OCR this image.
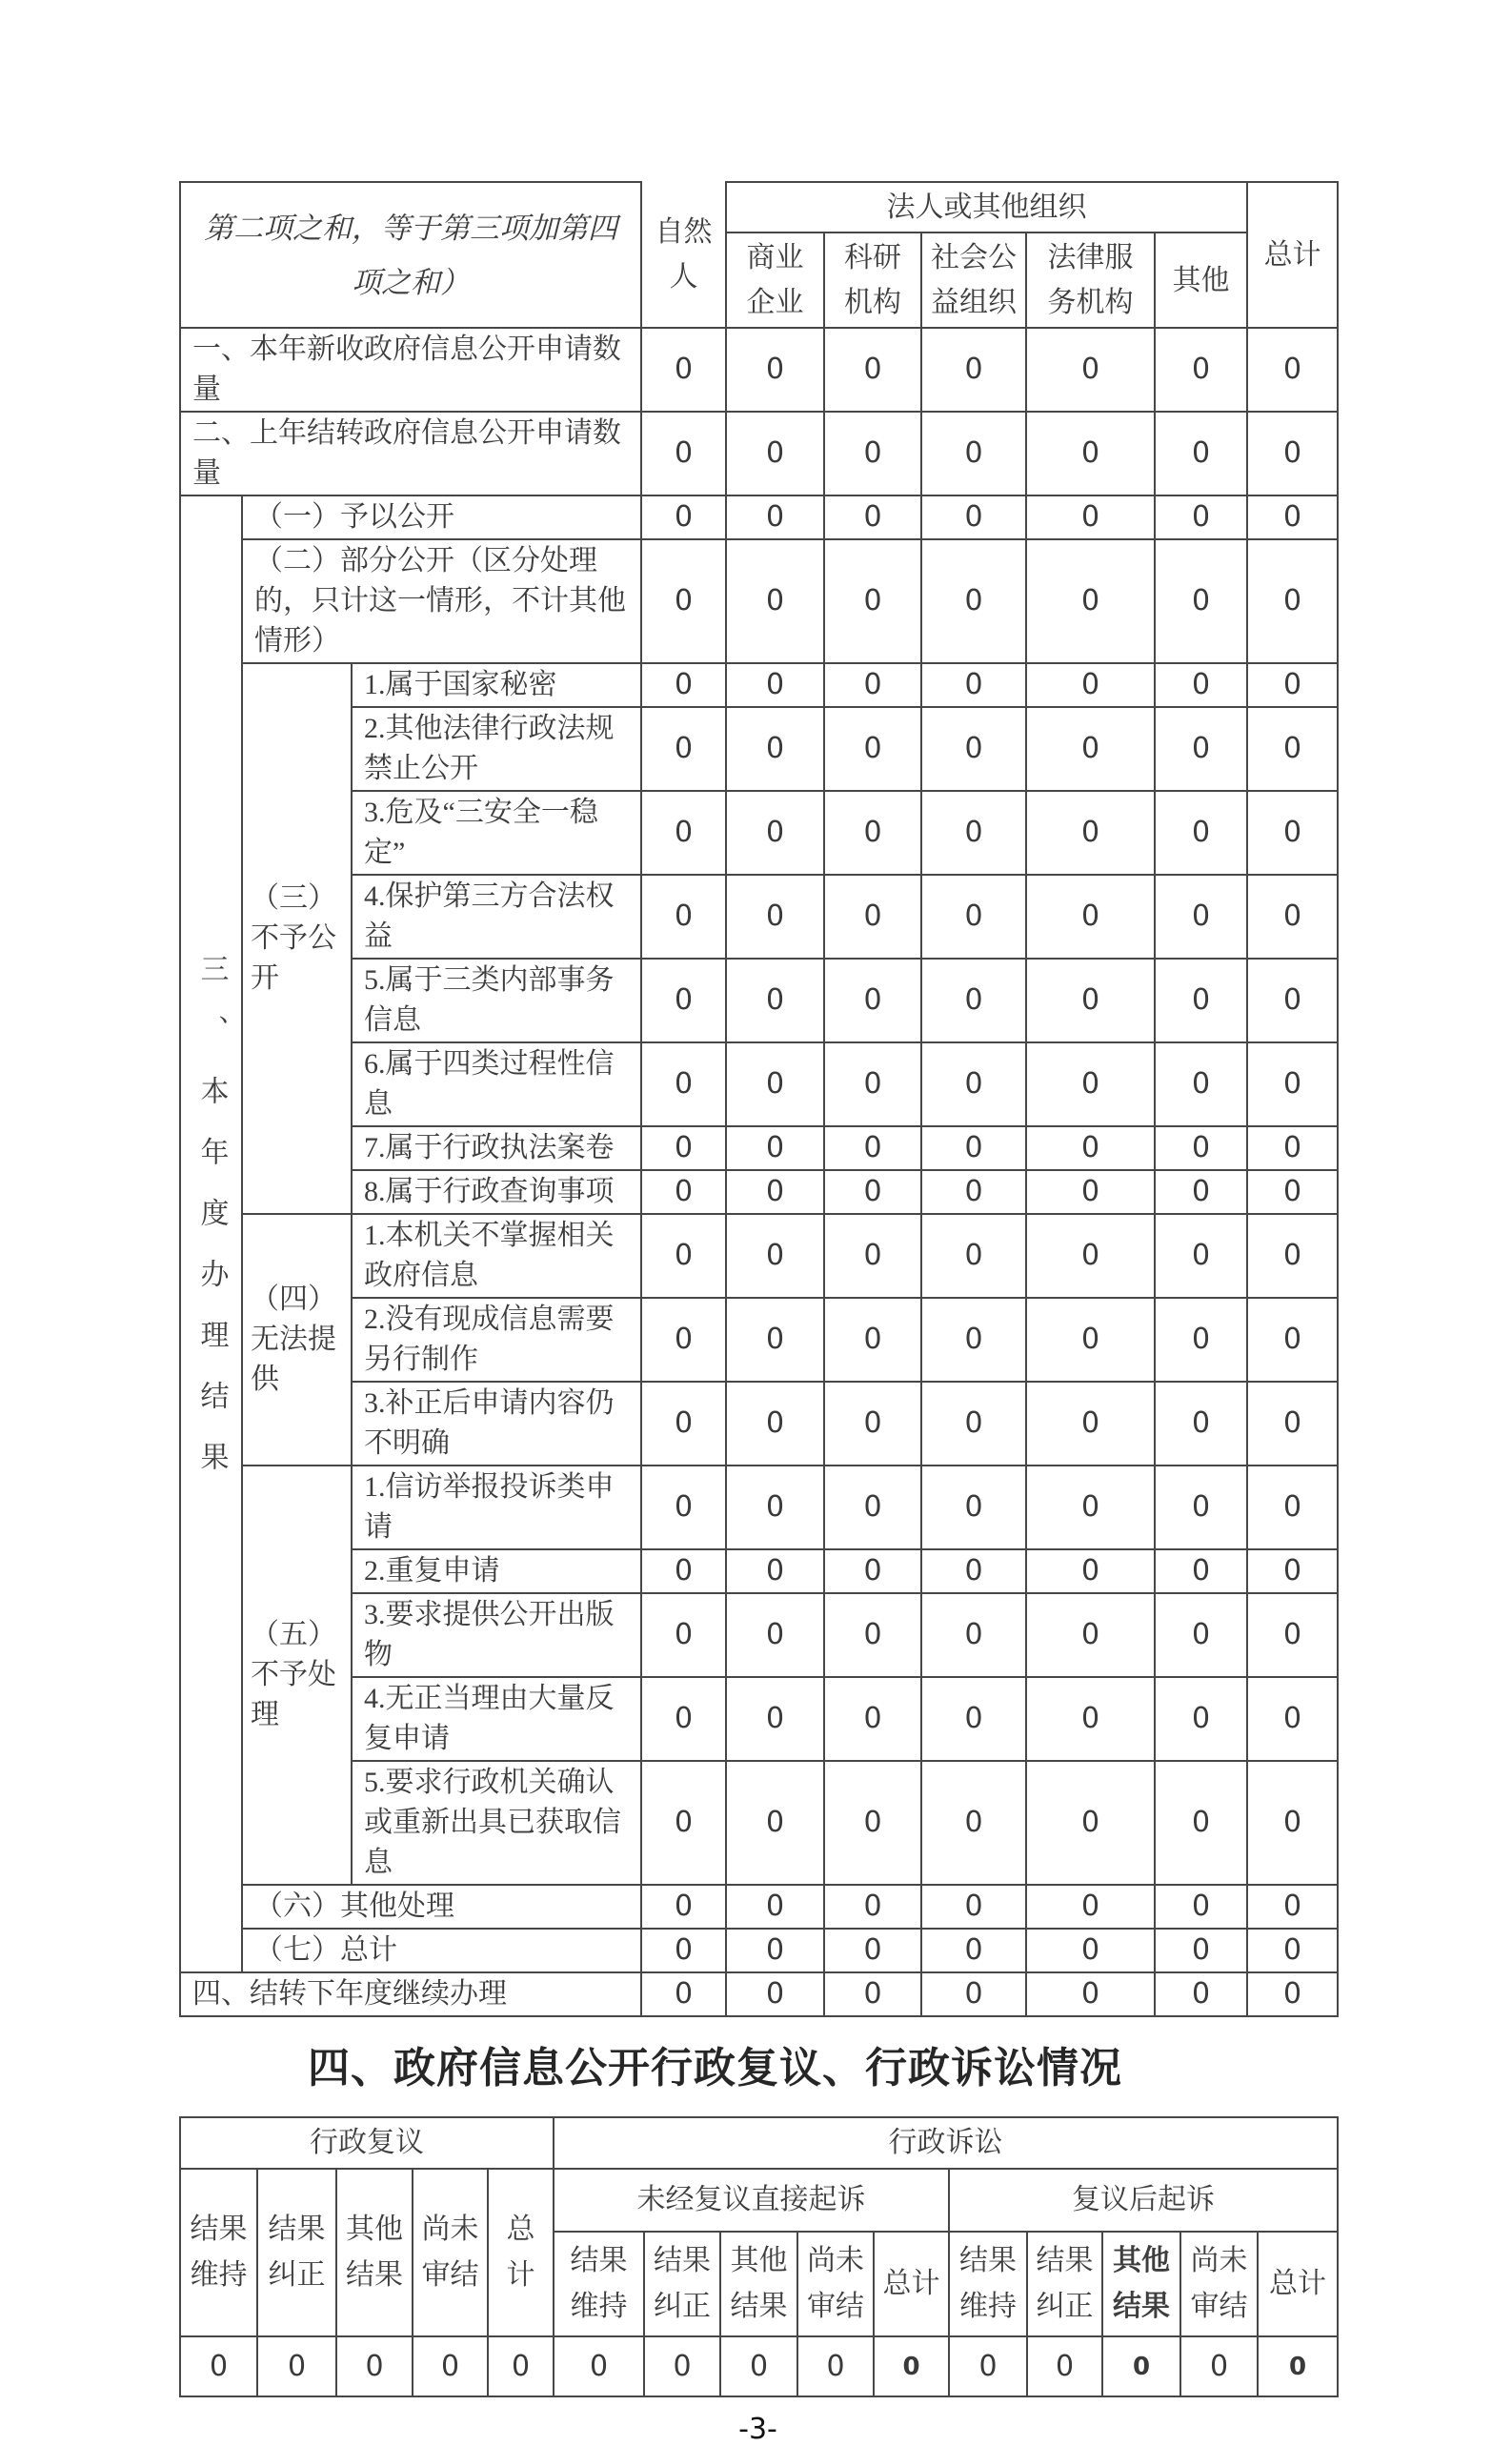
第二项之和，等于第三项加第四项之和）			自然人	法人或其他组织					总计
				商业企业	科研机构	社会公益组织	法律服务机构	其他	
一、本年新收政府信息公开申请数量			0	0	0	0	0	0	0
二、上年结转政府信息公开申请数量			0	0	0	0	0	0	0
三、本年度办理结果	（一）予以公开		0	0	0	0	0	0	0
	（二）部分公开（区分处理的，只计这一情形，不计其他情形）		0	0	0	0	0	0	0
	（三）不予公开	1.属于国家秘密	0	0	0	0	0	0	0
		2.其他法律行政法规禁止公开	0	0	0	0	0	0	0
		3.危及“三安全一稳定”	0	0	0	0	0	0	0
		4.保护第三方合法权益	0	0	0	0	0	0	0
		5.属于三类内部事务信息	0	0	0	0	0	0	0
		6.属于四类过程性信息	0	0	0	0	0	0	0
		7.属于行政执法案卷	0	0	0	0	0	0	0
		8.属于行政查询事项	0	0	0	0	0	0	0
	（四）无法提供	1.本机关不掌握相关政府信息	0	0	0	0	0	0	0
		2.没有现成信息需要另行制作	0	0	0	0	0	0	0
		3.补正后申请内容仍不明确	0	0	0	0	0	0	0
	（五）不予处理	1.信访举报投诉类申请	0	0	0	0	0	0	0
		2.重复申请	0	0	0	0	0	0	0
		3.要求提供公开出版物	0	0	0	0	0	0	0
		4.无正当理由大量反复申请	0	0	0	0	0	0	0
		5.要求行政机关确认或重新出具已获取信息	0	0	0	0	0	0	0
	（六）其他处理		0	0	0	0	0	0	0
	（七）总计		0	0	0	0	0	0	0
四、结转下年度继续办理			0	0	0	0	0	0	0
四、政府信息公开行政复议、行政诉讼情况
行政复议					行政诉讼									
结果维持	结果纠正	其他结果	尚未审结	总计	未经复议直接起诉					复议后起诉				
					结果维持	结果纠正	其他结果	尚未审结	总计	结果维持	结果纠正	其他结果	尚未审结	总计
0	0	0	0	0	0	0	0	0	0	0	0	0	0	0
-3-
